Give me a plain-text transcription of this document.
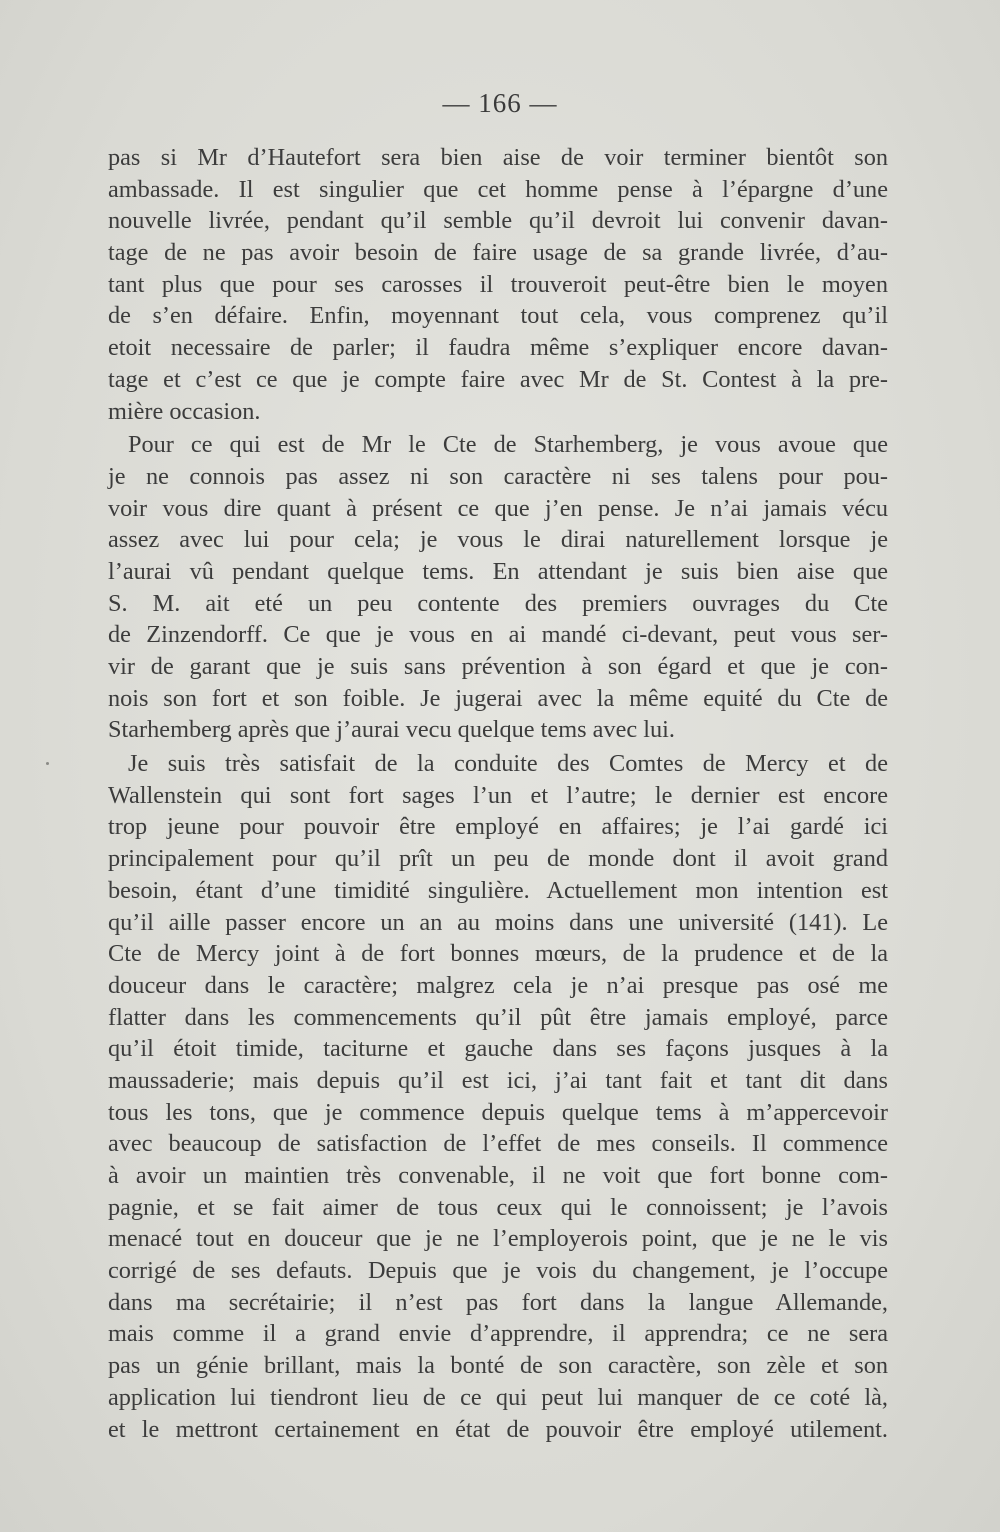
— 166 —
pas si Mr d’Hautefort sera bien aise de voir terminer bientôt son
ambassade. Il est singulier que cet homme pense à l’épargne d’une
nouvelle livrée, pendant qu’il semble qu’il devroit lui convenir davan-
tage de ne pas avoir besoin de faire usage de sa grande livrée, d’au-
tant plus que pour ses carosses il trouveroit peut-être bien le moyen
de s’en défaire. Enfin, moyennant tout cela, vous comprenez qu’il
etoit necessaire de parler; il faudra même s’expliquer encore davan-
tage et c’est ce que je compte faire avec Mr de St. Contest à la pre-
mière occasion.
Pour ce qui est de Mr le Cte de Starhemberg, je vous avoue que
je ne connois pas assez ni son caractère ni ses talens pour pou-
voir vous dire quant à présent ce que j’en pense. Je n’ai jamais vécu
assez avec lui pour cela; je vous le dirai naturellement lorsque je
l’aurai vû pendant quelque tems. En attendant je suis bien aise que
S. M. ait eté un peu contente des premiers ouvrages du Cte
de Zinzendorff. Ce que je vous en ai mandé ci-devant, peut vous ser-
vir de garant que je suis sans prévention à son égard et que je con-
nois son fort et son foible. Je jugerai avec la même equité du Cte de
Starhemberg après que j’aurai vecu quelque tems avec lui.
Je suis très satisfait de la conduite des Comtes de Mercy et de
Wallenstein qui sont fort sages l’un et l’autre; le dernier est encore
trop jeune pour pouvoir être employé en affaires; je l’ai gardé ici
principalement pour qu’il prît un peu de monde dont il avoit grand
besoin, étant d’une timidité singulière. Actuellement mon intention est
qu’il aille passer encore un an au moins dans une université (141). Le
Cte de Mercy joint à de fort bonnes mœurs, de la prudence et de la
douceur dans le caractère; malgrez cela je n’ai presque pas osé me
flatter dans les commencements qu’il pût être jamais employé, parce
qu’il étoit timide, taciturne et gauche dans ses façons jusques à la
maussaderie; mais depuis qu’il est ici, j’ai tant fait et tant dit dans
tous les tons, que je commence depuis quelque tems à m’appercevoir
avec beaucoup de satisfaction de l’effet de mes conseils. Il commence
à avoir un maintien très convenable, il ne voit que fort bonne com-
pagnie, et se fait aimer de tous ceux qui le connoissent; je l’avois
menacé tout en douceur que je ne l’employerois point, que je ne le vis
corrigé de ses defauts. Depuis que je vois du changement, je l’occupe
dans ma secrétairie; il n’est pas fort dans la langue Allemande,
mais comme il a grand envie d’apprendre, il apprendra; ce ne sera
pas un génie brillant, mais la bonté de son caractère, son zèle et son
application lui tiendront lieu de ce qui peut lui manquer de ce coté là,
et le mettront certainement en état de pouvoir être employé utilement.
